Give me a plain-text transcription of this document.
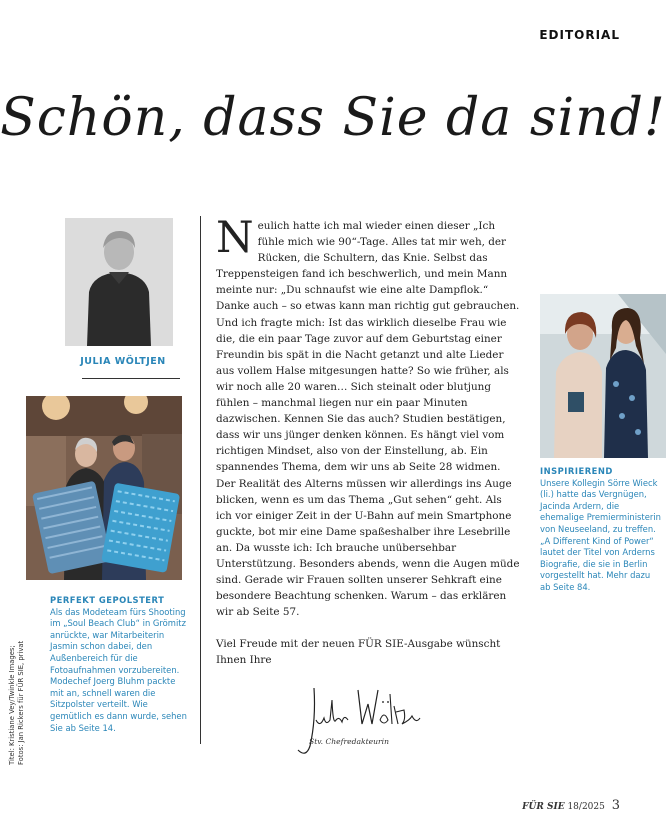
EDITORIAL
Schön, dass Sie da sind!
JULIA WÖLTJEN
PERFEKT GEPOLSTERT
Als das Modeteam fürs Shooting im „Soul Beach Club“ in Grömitz anrückte, war Mitarbeiterin Jasmin schon dabei, den Außenbereich für die Fotoaufnahmen vorzubereiten. Modechef Joerg Bluhm packte mit an, schnell waren die Sitzpolster verteilt. Wie gemütlich es dann wurde, sehen Sie ab Seite 14.
Titel: Kristiane Vey/Twinkle Images; Fotos: Jan Rickers für FÜR SIE, privat
N eulich hatte ich mal wieder einen dieser „Ich fühle mich wie 90“-Tage. Alles tat mir weh, der Rücken, die Schultern, das Knie. Selbst das Treppensteigen fand ich beschwerlich, und mein Mann meinte nur: „Du schnaufst wie eine alte Dampflok.“ Danke auch – so etwas kann man richtig gut gebrauchen. Und ich fragte mich: Ist das wirklich dieselbe Frau wie die, die ein paar Tage zuvor auf dem Geburtstag einer Freundin bis spät in die Nacht getanzt und alte Lieder aus vollem Halse mitgesungen hatte? So wie früher, als wir noch alle 20 waren… Sich steinalt oder blutjung fühlen – manchmal liegen nur ein paar Minuten dazwischen. Kennen Sie das auch? Studien bestätigen, dass wir uns jünger denken können. Es hängt viel vom richtigen Mindset, also von der Einstellung, ab. Ein spannendes Thema, dem wir uns ab Seite 28 widmen. Der Realität des Alterns müssen wir allerdings ins Auge blicken, wenn es um das Thema „Gut sehen“ geht. Als ich vor einiger Zeit in der U-Bahn auf mein Smartphone guckte, bot mir eine Dame spaßeshalber ihre Lesebrille an. Da wusste ich: Ich brauche unübersehbar Unterstützung. Besonders abends, wenn die Augen müde sind. Gerade wir Frauen sollten unserer Sehkraft eine besondere Beachtung schenken. Warum – das erklären wir ab Seite 57.
Viel Freude mit der neuen FÜR SIE-Ausgabe wünscht Ihnen Ihre
Stv. Chefredakteurin
INSPIRIEREND
Unsere Kollegin Sörre Wieck (li.) hatte das Vergnügen, Jacinda Ardern, die ehemalige Premierministerin von Neuseeland, zu treffen. „A Different Kind of Power“ lautet der Titel von Arderns Biografie, die sie in Berlin vorgestellt hat. Mehr dazu ab Seite 84.
FÜR SIE 18/2025 3
